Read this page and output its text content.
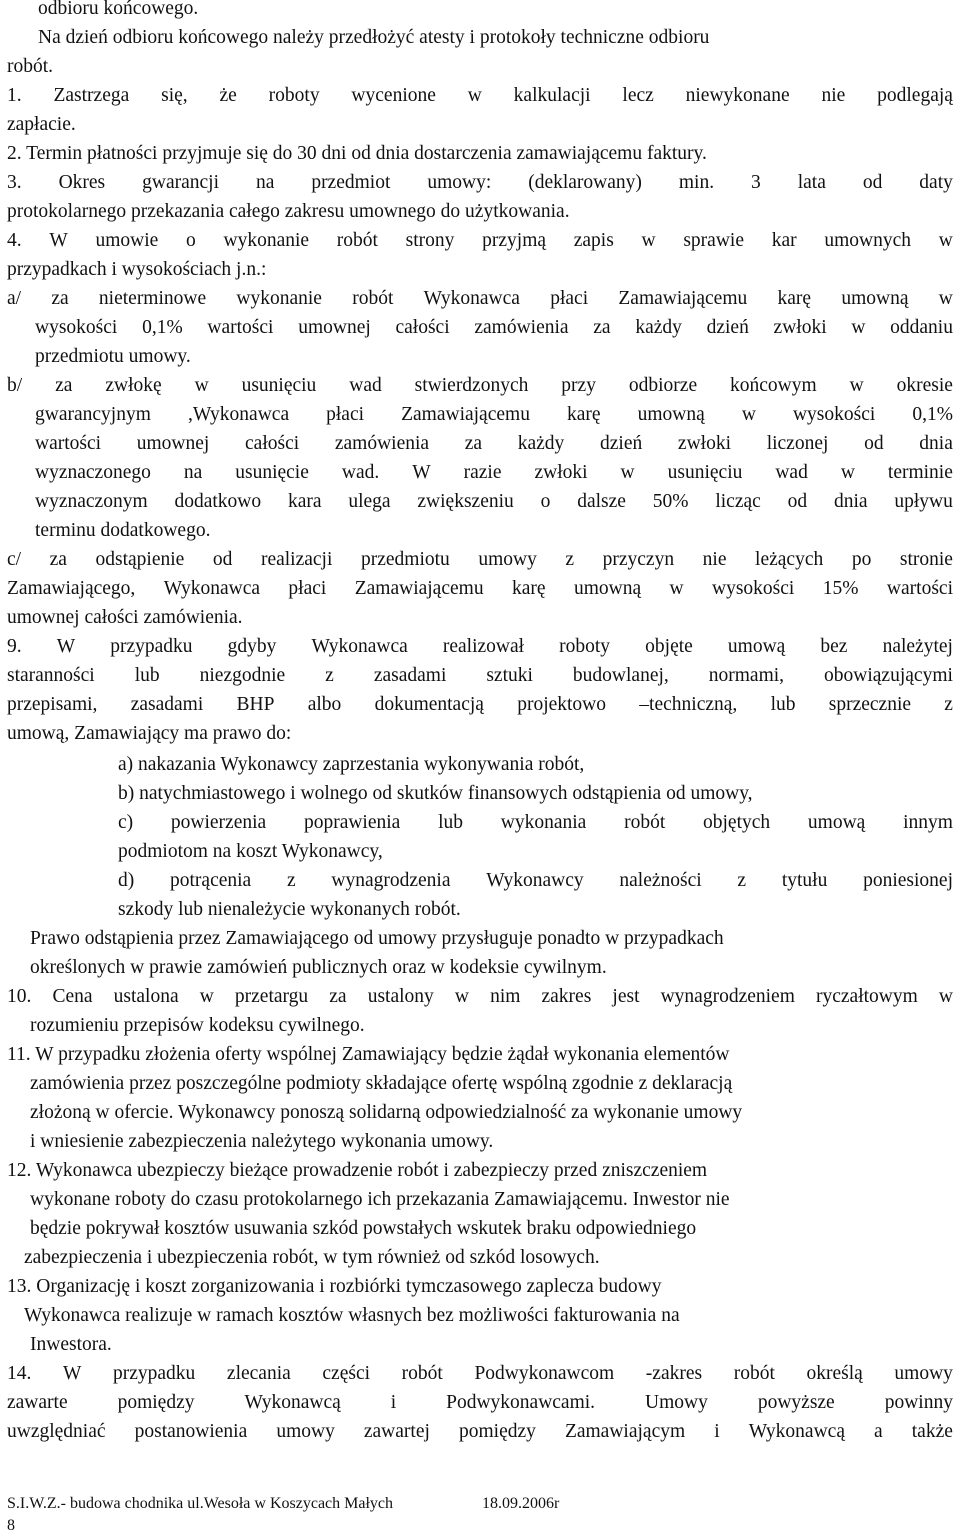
odbioru końcowego.
Na dzień odbioru końcowego należy przedłożyć atesty i protokoły techniczne odbioru
robót.
1. Zastrzega się, że roboty wycenione w kalkulacji lecz niewykonane nie podlegają
zapłacie.
2. Termin płatności przyjmuje się do 30 dni od dnia dostarczenia zamawiającemu faktury.
3. Okres gwarancji na przedmiot umowy: (deklarowany) min. 3 lata od daty
protokolarnego przekazania całego zakresu umownego do użytkowania.
4. W umowie o wykonanie robót strony przyjmą zapis w sprawie kar umownych w
przypadkach i wysokościach j.n.:
a/ za nieterminowe wykonanie robót Wykonawca płaci Zamawiającemu karę umowną w
wysokości 0,1% wartości umownej całości zamówienia za każdy dzień zwłoki w oddaniu
przedmiotu umowy.
b/ za zwłokę w usunięciu wad stwierdzonych przy odbiorze końcowym w okresie
gwarancyjnym ,Wykonawca płaci Zamawiającemu karę umowną w wysokości 0,1%
wartości umownej całości zamówienia za każdy dzień zwłoki liczonej od dnia
wyznaczonego na usunięcie wad. W razie zwłoki w usunięciu wad w terminie
wyznaczonym dodatkowo kara ulega zwiększeniu o dalsze 50% licząc od dnia upływu
terminu dodatkowego.
c/ za odstąpienie od realizacji przedmiotu umowy z przyczyn nie leżących po stronie
Zamawiającego, Wykonawca płaci Zamawiającemu karę umowną w wysokości 15% wartości
umownej całości zamówienia.
9. W przypadku gdyby Wykonawca realizował roboty objęte umową bez należytej
staranności lub niezgodnie z zasadami sztuki budowlanej, normami, obowiązującymi
przepisami, zasadami BHP albo dokumentacją projektowo –techniczną, lub sprzecznie z
umową, Zamawiający ma prawo do:
a) nakazania Wykonawcy zaprzestania wykonywania robót,
b) natychmiastowego i wolnego od skutków finansowych odstąpienia od umowy,
c) powierzenia poprawienia lub wykonania robót objętych umową innym
podmiotom na koszt Wykonawcy,
d) potrącenia z wynagrodzenia Wykonawcy należności z tytułu poniesionej
szkody lub nienależycie wykonanych robót.
Prawo odstąpienia przez Zamawiającego od umowy przysługuje ponadto w przypadkach
określonych w prawie zamówień publicznych oraz w kodeksie cywilnym.
10. Cena ustalona w przetargu za ustalony w nim zakres jest wynagrodzeniem ryczałtowym w
rozumieniu przepisów kodeksu cywilnego.
11. W przypadku złożenia oferty wspólnej Zamawiający będzie żądał wykonania elementów
zamówienia przez poszczególne podmioty składające ofertę wspólną zgodnie z deklaracją
złożoną w ofercie. Wykonawcy ponoszą solidarną odpowiedzialność za wykonanie umowy
i wniesienie zabezpieczenia należytego wykonania umowy.
12. Wykonawca ubezpieczy bieżące prowadzenie robót i zabezpieczy przed zniszczeniem
wykonane roboty do czasu protokolarnego ich przekazania Zamawiającemu. Inwestor nie
będzie pokrywał kosztów usuwania szkód powstałych wskutek braku odpowiedniego
zabezpieczenia i ubezpieczenia robót, w tym również od szkód losowych.
13. Organizację i koszt zorganizowania i rozbiórki tymczasowego zaplecza budowy
Wykonawca realizuje w ramach kosztów własnych bez możliwości fakturowania na
Inwestora.
14. W przypadku zlecania części robót Podwykonawcom -zakres robót określą umowy
zawarte	pomiędzy	Wykonawcą	i	Podwykonawcami.	Umowy	powyższe	powinny
uwzględniać postanowienia umowy zawartej pomiędzy Zamawiającym i Wykonawcą a także
S.I.W.Z.- budowa chodnika ul.Wesoła w Koszycach Małych	18.09.2006r
8
